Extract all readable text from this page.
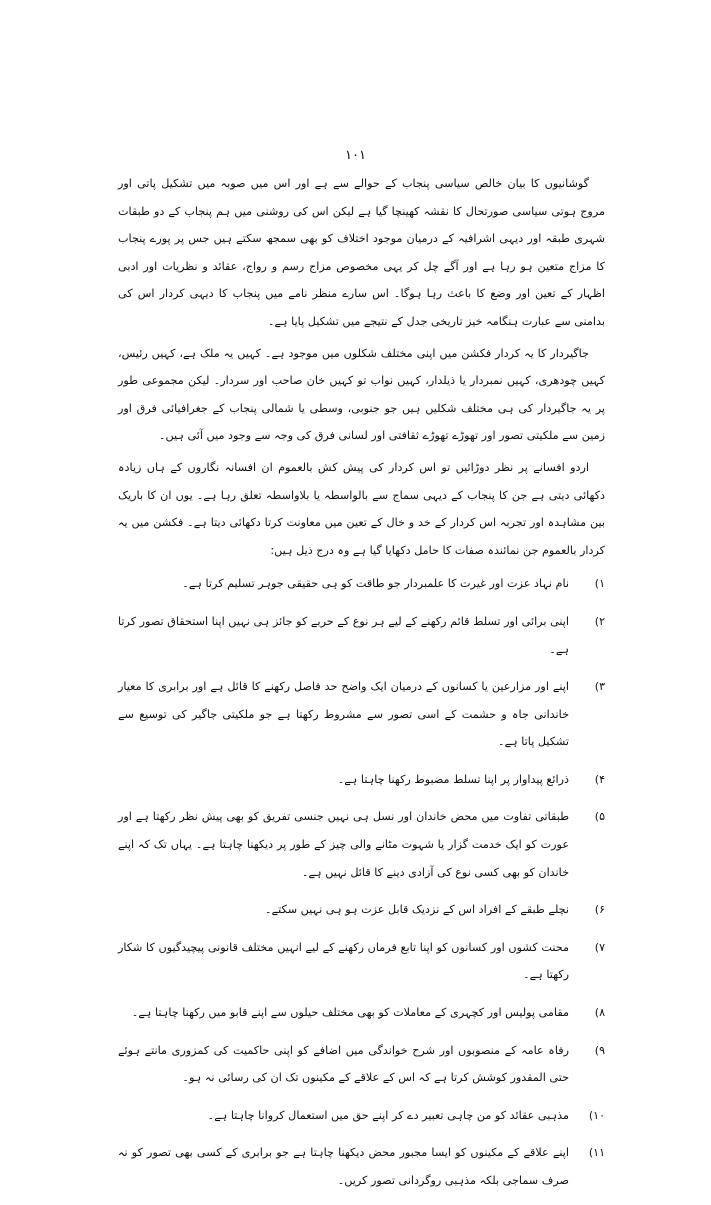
۱۰۱

گوشانیوں کا بیان خالص سیاسی پنجاب کے حوالے سے ہے اور اس میں صوبہ میں تشکیل پاتی اور مروج ہوتی سیاسی صورتحال کا نقشہ کھینچا گیا ہے لیکن اس کی روشنی میں ہم پنجاب کے دو طبقات شہری طبقہ اور دیہی اشرافیہ کے درمیان موجود اختلاف کو بھی سمجھ سکتے ہیں جس پر پورے پنجاب کا مزاج متعین ہو رہا ہے اور آگے چل کر یہی مخصوص مزاج رسم و رواج، عقائد و نظریات اور ادبی اظہار کے تعین اور وضع کا باعث رہا ہوگا۔ اس سارے منظر نامے میں پنجاب کا دیہی کردار اس کی بدامنی سے عبارت ہنگامہ خیز تاریخی جدل کے نتیجے میں تشکیل پایا ہے۔

جاگیردار کا یہ کردار فکشن میں اپنی مختلف شکلوں میں موجود ہے۔ کہیں یہ ملک ہے، کہیں رئیس، کہیں چودھری، کہیں نمبردار یا ذیلدار، کہیں نواب تو کہیں خان صاحب اور سردار۔ لیکن مجموعی طور پر یہ جاگیردار کی ہی مختلف شکلیں ہیں جو جنوبی، وسطی یا شمالی پنجاب کے جغرافیائی فرق اور زمین سے ملکیتی تصور اور تھوڑے تھوڑے ثقافتی اور لسانی فرق کی وجہ سے وجود میں آئی ہیں۔

اردو افسانے پر نظر دوڑائیں تو اس کردار کی پیش کش بالعموم ان افسانہ نگاروں کے ہاں زیادہ دکھائی دیتی ہے جن کا پنجاب کے دیہی سماج سے بالواسطہ یا بلاواسطہ تعلق رہا ہے۔ یوں ان کا باریک بین مشاہدہ اور تجربہ اس کردار کے خد و خال کے تعین میں معاونت کرتا دکھائی دیتا ہے۔ فکشن میں یہ کردار بالعموم جن نمائندہ صفات کا حامل دکھایا گیا ہے وہ درج ذیل ہیں:

۱)
نام نہاد عزت اور غیرت کا علمبردار جو طاقت کو ہی حقیقی جوہر تسلیم کرتا ہے۔
۲)
اپنی برائی اور تسلط قائم رکھنے کے لیے ہر نوع کے حربے کو جائز ہی نہیں اپنا استحقاق تصور کرتا ہے۔
۳)
اپنے اور مزارعین یا کسانوں کے درمیان ایک واضح حد فاصل رکھنے کا قائل ہے اور برابری کا معیار خاندانی جاہ و حشمت کے اسی تصور سے مشروط رکھتا ہے جو ملکیتی جاگیر کی توسیع سے تشکیل پاتا ہے۔
۴)
ذرائع پیداوار پر اپنا تسلط مضبوط رکھنا چاہتا ہے۔
۵)
طبقاتی تفاوت میں محض خاندان اور نسل ہی نہیں جنسی تفریق کو بھی پیش نظر رکھتا ہے اور عورت کو ایک خدمت گزار یا شہوت مٹانے والی چیز کے طور پر دیکھنا چاہتا ہے۔ یہاں تک کہ اپنے خاندان کو بھی کسی نوع کی آزادی دینے کا قائل نہیں ہے۔
۶)
نچلے طبقے کے افراد اس کے نزدیک قابل عزت ہو ہی نہیں سکتے۔
۷)
محنت کشوں اور کسانوں کو اپنا تابع فرماں رکھنے کے لیے انہیں مختلف قانونی پیچیدگیوں کا شکار رکھتا ہے۔
۸)
مقامی پولیس اور کچہری کے معاملات کو بھی مختلف حیلوں سے اپنے قابو میں رکھنا چاہتا ہے۔
۹)
رفاہ عامہ کے منصوبوں اور شرح خواندگی میں اضافے کو اپنی حاکمیت کی کمزوری مانتے ہوئے حتی المقدور کوشش کرتا ہے کہ اس کے علاقے کے مکینوں تک ان کی رسائی نہ ہو۔
۱۰)
مذہبی عقائد کو من چاہی تعبیر دے کر اپنے حق میں استعمال کروانا چاہتا ہے۔
۱۱)
اپنے علاقے کے مکینوں کو ایسا مجبور محض دیکھنا چاہتا ہے جو برابری کے کسی بھی تصور کو نہ صرف سماجی بلکہ مذہبی روگردانی تصور کریں۔
